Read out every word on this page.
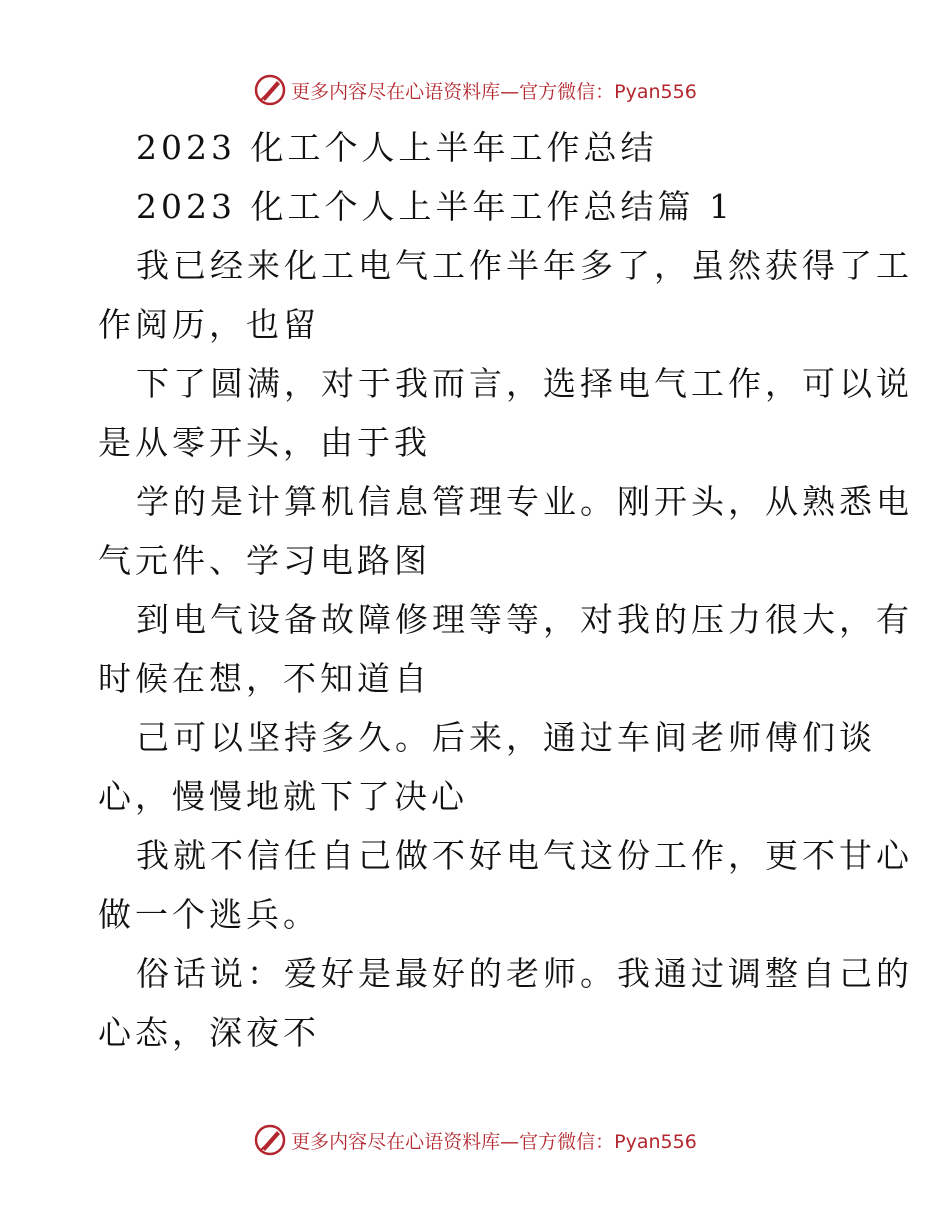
更多内容尽在心语资料库—官方微信：Pyan556
2023 化工个人上半年工作总结
2023 化工个人上半年工作总结篇 1
我已经来化工电气工作半年多了，虽然获得了工
作阅历，也留
下了圆满，对于我而言，选择电气工作，可以说
是从零开头，由于我
学的是计算机信息管理专业。刚开头，从熟悉电
气元件、学习电路图
到电气设备故障修理等等，对我的压力很大，有
时候在想，不知道自
己可以坚持多久。后来，通过车间老师傅们谈
心，慢慢地就下了决心
我就不信任自己做不好电气这份工作，更不甘心
做一个逃兵。
俗话说：爱好是最好的老师。我通过调整自己的
心态，深夜不
更多内容尽在心语资料库—官方微信：Pyan556
